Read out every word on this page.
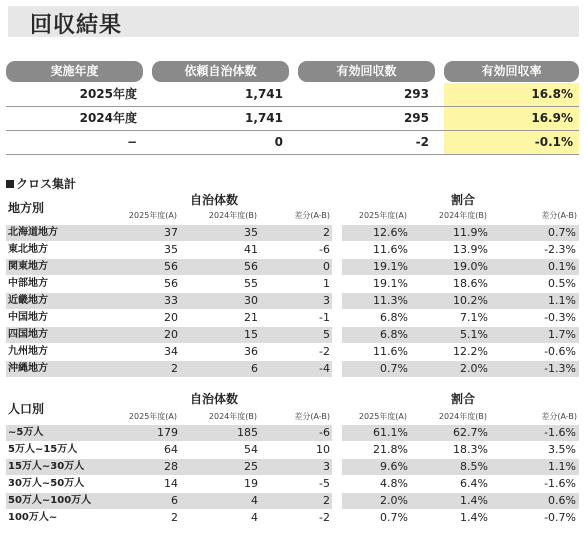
回収結果
実施年度	依頼自治体数	有効回収数	有効回収率
2025年度	1,741	293	16.8%
2024年度	1,741	295	16.9%
−	0	-2	-0.1%
クロス集計
地方別
自治体数	割合
2025年度(A)	2024年度(B)	差分(A-B)	2025年度(A)	2024年度(B)	差分(A-B)
北海道地方	37	35	2	12.6%	11.9%	0.7%
東北地方	35	41	-6	11.6%	13.9%	-2.3%
関東地方	56	56	0	19.1%	19.0%	0.1%
中部地方	56	55	1	19.1%	18.6%	0.5%
近畿地方	33	30	3	11.3%	10.2%	1.1%
中国地方	20	21	-1	6.8%	7.1%	-0.3%
四国地方	20	15	5	6.8%	5.1%	1.7%
九州地方	34	36	-2	11.6%	12.2%	-0.6%
沖縄地方	2	6	-4	0.7%	2.0%	-1.3%
人口別
自治体数	割合
2025年度(A)	2024年度(B)	差分(A-B)	2025年度(A)	2024年度(B)	差分(A-B)
~5万人	179	185	-6	61.1%	62.7%	-1.6%
5万人~15万人	64	54	10	21.8%	18.3%	3.5%
15万人~30万人	28	25	3	9.6%	8.5%	1.1%
30万人~50万人	14	19	-5	4.8%	6.4%	-1.6%
50万人~100万人	6	4	2	2.0%	1.4%	0.6%
100万人~	2	4	-2	0.7%	1.4%	-0.7%
